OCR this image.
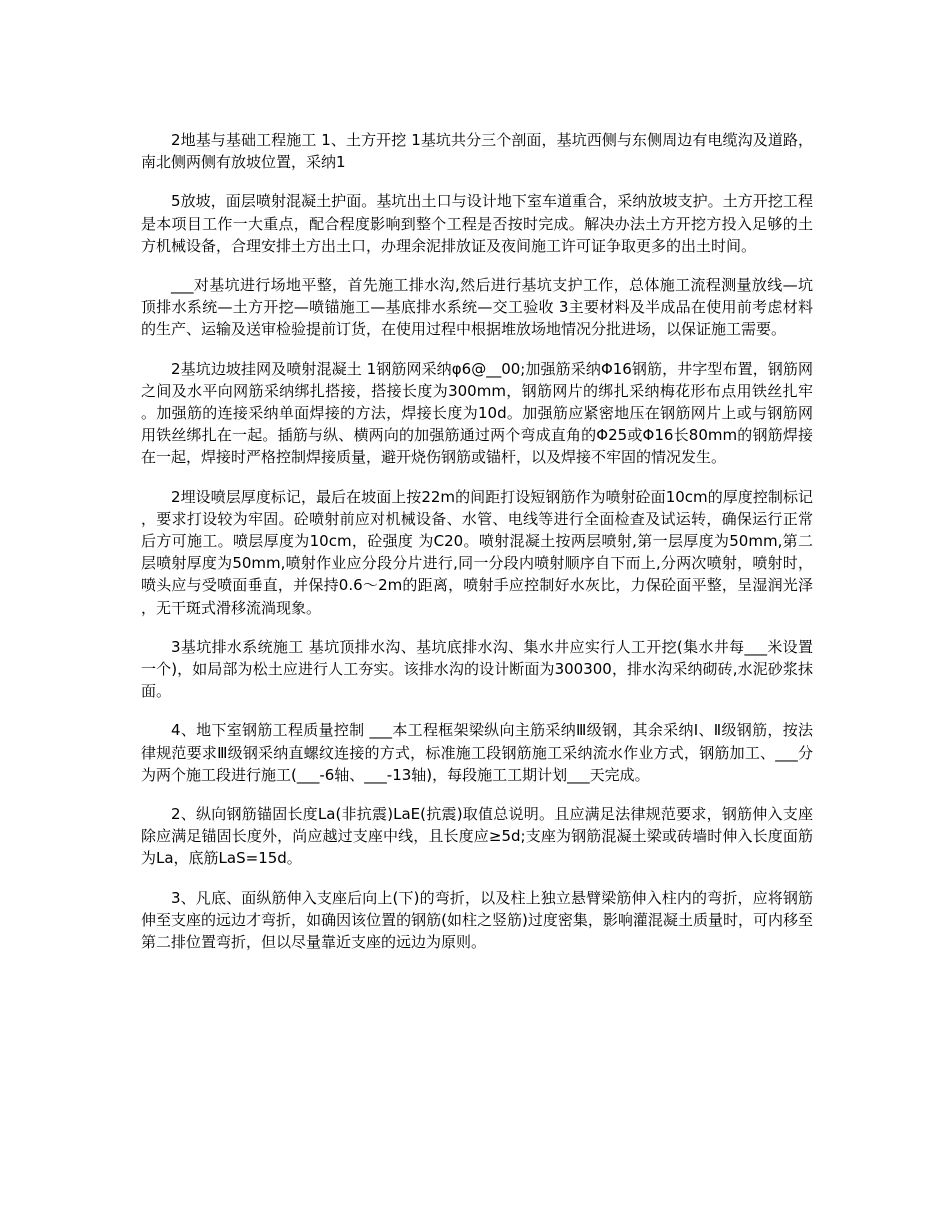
2地基与基础工程施工 1、土方开挖 1基坑共分三个剖面，基坑西侧与东侧周边有电缆沟及道路，南北侧两侧有放坡位置，采纳1

5放坡，面层喷射混凝土护面。基坑出土口与设计地下室车道重合，采纳放坡支护。土方开挖工程是本项目工作一大重点，配合程度影响到整个工程是否按时完成。解决办法土方开挖方投入足够的土方机械设备，合理安排土方出土口，办理余泥排放证及夜间施工许可证争取更多的出土时间。

___对基坑进行场地平整，首先施工排水沟,然后进行基坑支护工作，总体施工流程测量放线—坑顶排水系统—土方开挖—喷锚施工—基底排水系统—交工验收 3主要材料及半成品在使用前考虑材料的生产、运输及送审检验提前订货，在使用过程中根据堆放场地情况分批进场，以保证施工需要。

2基坑边坡挂网及喷射混凝土 1钢筋网采纳φ6@__00;加强筋采纳Φ16钢筋，井字型布置，钢筋网之间及水平向网筋采纳绑扎搭接，搭接长度为300mm，钢筋网片的绑扎采纳梅花形布点用铁丝扎牢。加强筋的连接采纳单面焊接的方法，焊接长度为10d。加强筋应紧密地压在钢筋网片上或与钢筋网用铁丝绑扎在一起。插筋与纵、横两向的加强筋通过两个弯成直角的Φ25或Φ16长80mm的钢筋焊接在一起，焊接时严格控制焊接质量，避开烧伤钢筋或锚杆，以及焊接不牢固的情况发生。

2埋设喷层厚度标记，最后在坡面上按22m的间距打设短钢筋作为喷射砼面10cm的厚度控制标记，要求打设较为牢固。砼喷射前应对机械设备、水管、电线等进行全面检查及试运转，确保运行正常后方可施工。喷层厚度为10cm，砼强度 为C20。喷射混凝土按两层喷射,第一层厚度为50mm,第二层喷射厚度为50mm,喷射作业应分段分片进行,同一分段内喷射顺序自下而上,分两次喷射，喷射时，喷头应与受喷面垂直，并保持0.6～2m的距离，喷射手应控制好水灰比，力保砼面平整，呈湿润光泽，无干斑式滑移流淌现象。

3基坑排水系统施工 基坑顶排水沟、基坑底排水沟、集水井应实行人工开挖(集水井每___米设置一个)，如局部为松土应进行人工夯实。该排水沟的设计断面为300300，排水沟采纳砌砖,水泥砂浆抹面。

4、地下室钢筋工程质量控制 ___本工程框架梁纵向主筋采纳Ⅲ级钢，其余采纳Ⅰ、Ⅱ级钢筋，按法律规范要求Ⅲ级钢采纳直螺纹连接的方式，标准施工段钢筋施工采纳流水作业方式，钢筋加工、___分为两个施工段进行施工(___-6轴、___-13轴)，每段施工工期计划___天完成。

2、纵向钢筋锚固长度La(非抗震)LaE(抗震)取值总说明。且应满足法律规范要求，钢筋伸入支座除应满足锚固长度外，尚应越过支座中线，且长度应≥5d;支座为钢筋混凝土梁或砖墙时伸入长度面筋为La，底筋LaS=15d。

3、凡底、面纵筋伸入支座后向上(下)的弯折，以及柱上独立悬臂梁筋伸入柱内的弯折，应将钢筋伸至支座的远边才弯折，如确因该位置的钢筋(如柱之竖筋)过度密集，影响灌混凝土质量时，可内移至第二排位置弯折，但以尽量靠近支座的远边为原则。
